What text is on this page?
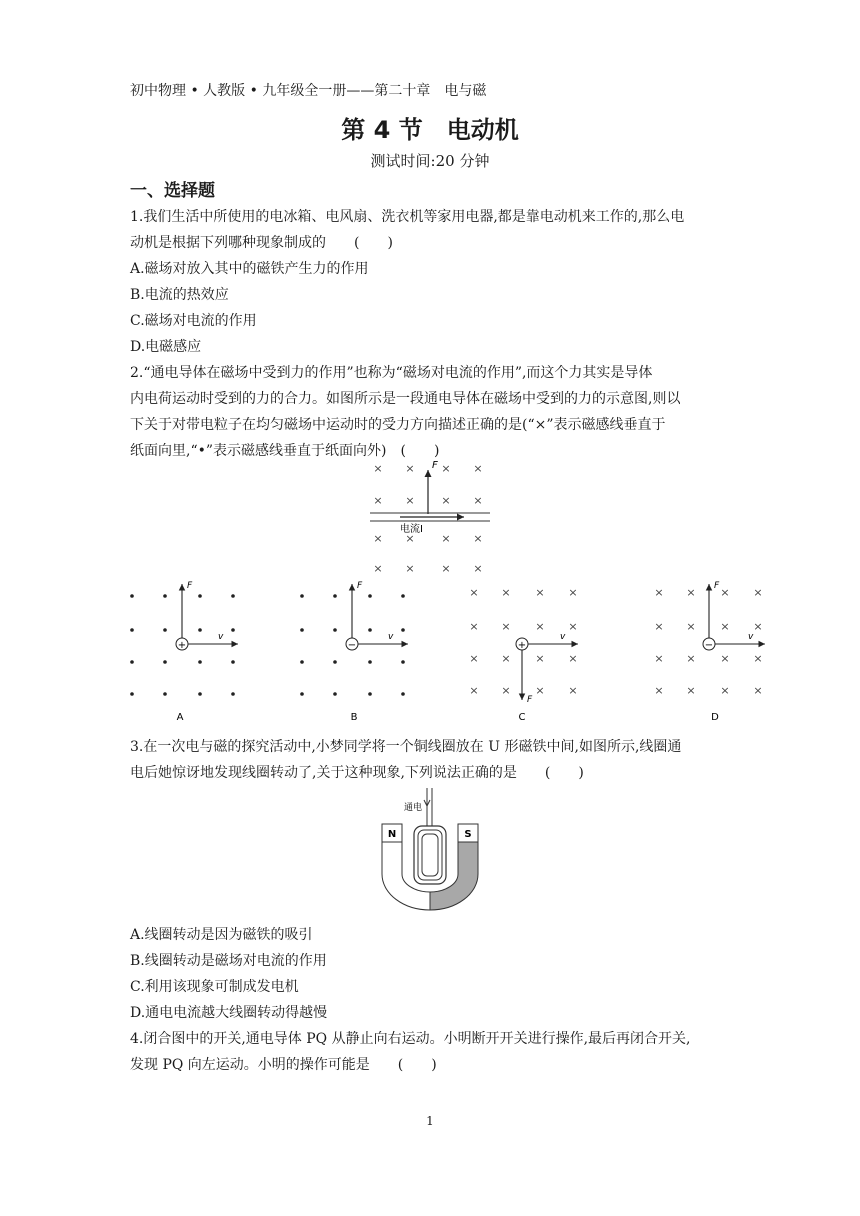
初中物理 • 人教版 • 九年级全一册——第二十章　电与磁
第 4 节　电动机
测试时间:20 分钟
一、选择题
1.我们生活中所使用的电冰箱、电风扇、洗衣机等家用电器,都是靠电动机来工作的,那么电
动机是根据下列哪种现象制成的　　(　　)
A.磁场对放入其中的磁铁产生力的作用
B.电流的热效应
C.磁场对电流的作用
D.电磁感应
2.“通电导体在磁场中受到力的作用”也称为“磁场对电流的作用”,而这个力其实是导体
内电荷运动时受到的力的合力。如图所示是一段通电导体在磁场中受到的力的示意图,则以
下关于对带电粒子在均匀磁场中运动时的受力方向描述正确的是(“×”表示磁感线垂直于
纸面向里,“•”表示磁感线垂直于纸面向外)　(　　)
× × × ×
× × × ×
× × × ×
× × × ×
F
电流I
+
F
v
A
−
F
v
B
× × × ×
× × × ×
× × × ×
× × × ×
+
F
v
C
× × × ×
× × × ×
× × × ×
× × × ×
−
F
v
D
3.在一次电与磁的探究活动中,小梦同学将一个铜线圈放在 U 形磁铁中间,如图所示,线圈通
电后她惊讶地发现线圈转动了,关于这种现象,下列说法正确的是　　(　　)
N	S
通电
A.线圈转动是因为磁铁的吸引
B.线圈转动是磁场对电流的作用
C.利用该现象可制成发电机
D.通电电流越大线圈转动得越慢
4.闭合图中的开关,通电导体 PQ 从静止向右运动。小明断开开关进行操作,最后再闭合开关,
发现 PQ 向左运动。小明的操作可能是　　(　　)
1
